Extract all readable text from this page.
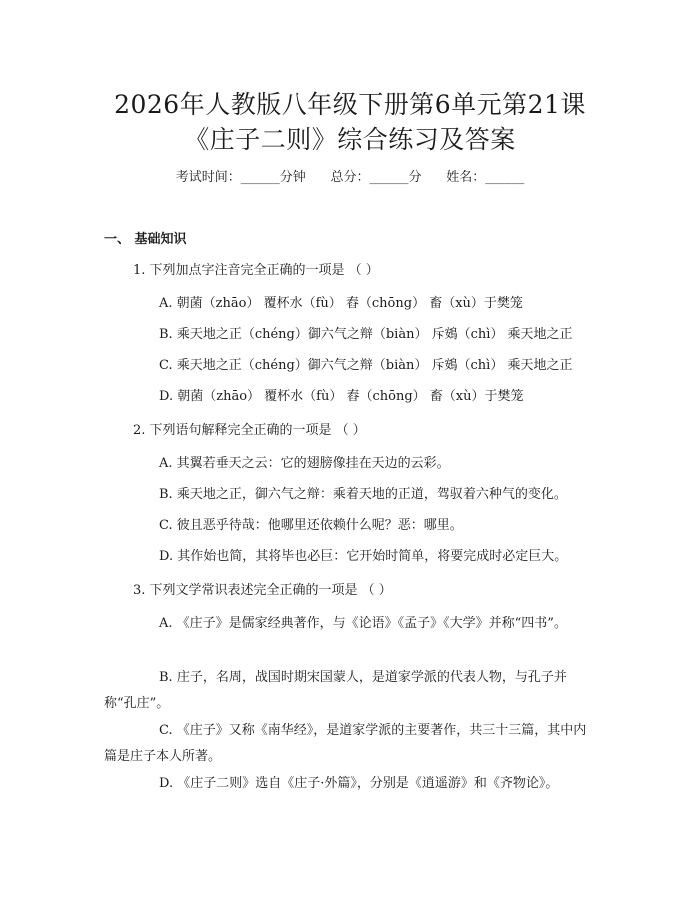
2026年人教版八年级下册第6单元第21课
《庄子二则》综合练习及答案
考试时间：______分钟      总分：______分      姓名：______
一、 基础知识
1. 下列加点字注音完全正确的一项是 （ ）
A. 朝菌（zhāo） 覆杯水（fù） 舂（chōng） 畜（xù）于樊笼
B. 乘天地之正（chéng）御六气之辩（biàn） 斥鴳（chì） 乘天地之正
C. 乘天地之正（chéng）御六气之辩（biàn） 斥鴳（chì） 乘天地之正
D. 朝菌（zhāo） 覆杯水（fù） 舂（chōng） 畜（xù）于樊笼
2. 下列语句解释完全正确的一项是 （ ）
A. 其翼若垂天之云：它的翅膀像挂在天边的云彩。
B. 乘天地之正，御六气之辩：乘着天地的正道，驾驭着六种气的变化。
C. 彼且恶乎待哉：他哪里还依赖什么呢？恶：哪里。
D. 其作始也简，其将毕也必巨：它开始时简单，将要完成时必定巨大。
3. 下列文学常识表述完全正确的一项是 （ ）
A. 《庄子》是儒家经典著作，与《论语》《孟子》《大学》并称“四书”。
B. 庄子，名周，战国时期宋国蒙人，是道家学派的代表人物，与孔子并称“孔庄”。
C. 《庄子》又称《南华经》，是道家学派的主要著作，共三十三篇，其中内篇是庄子本人所著。
D. 《庄子二则》选自《庄子·外篇》，分别是《逍遥游》和《齐物论》。
